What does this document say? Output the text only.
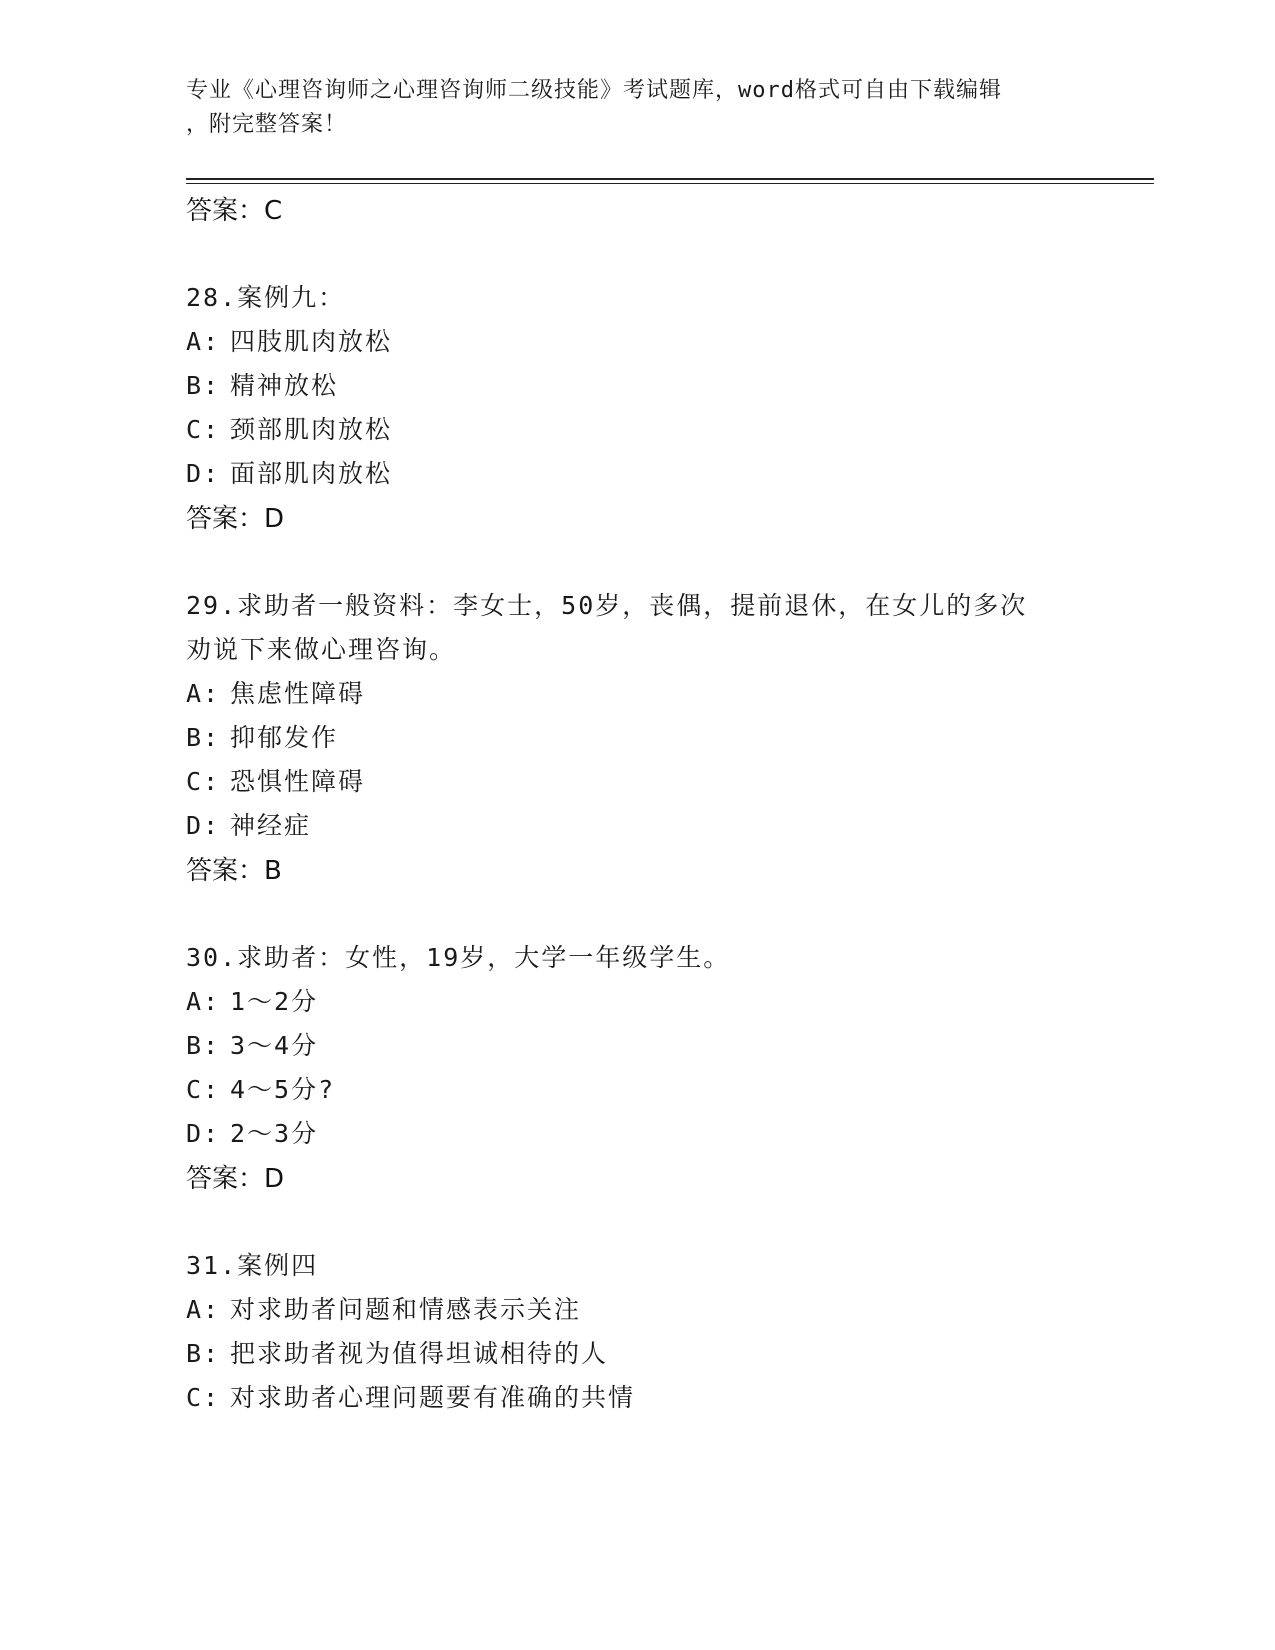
专业《心理咨询师之心理咨询师二级技能》考试题库，word格式可自由下载编辑
，附完整答案！
答案：C
28.案例九：
A: 四肢肌肉放松
B: 精神放松
C: 颈部肌肉放松
D: 面部肌肉放松
答案：D
29.求助者一般资料：李女士，50岁，丧偶，提前退休，在女儿的多次
劝说下来做心理咨询。
A: 焦虑性障碍
B: 抑郁发作
C: 恐惧性障碍
D: 神经症
答案：B
30.求助者：女性，19岁，大学一年级学生。
A: 1～2分
B: 3～4分
C: 4～5分?
D: 2～3分
答案：D
31.案例四
A: 对求助者问题和情感表示关注
B: 把求助者视为值得坦诚相待的人
C: 对求助者心理问题要有准确的共情
